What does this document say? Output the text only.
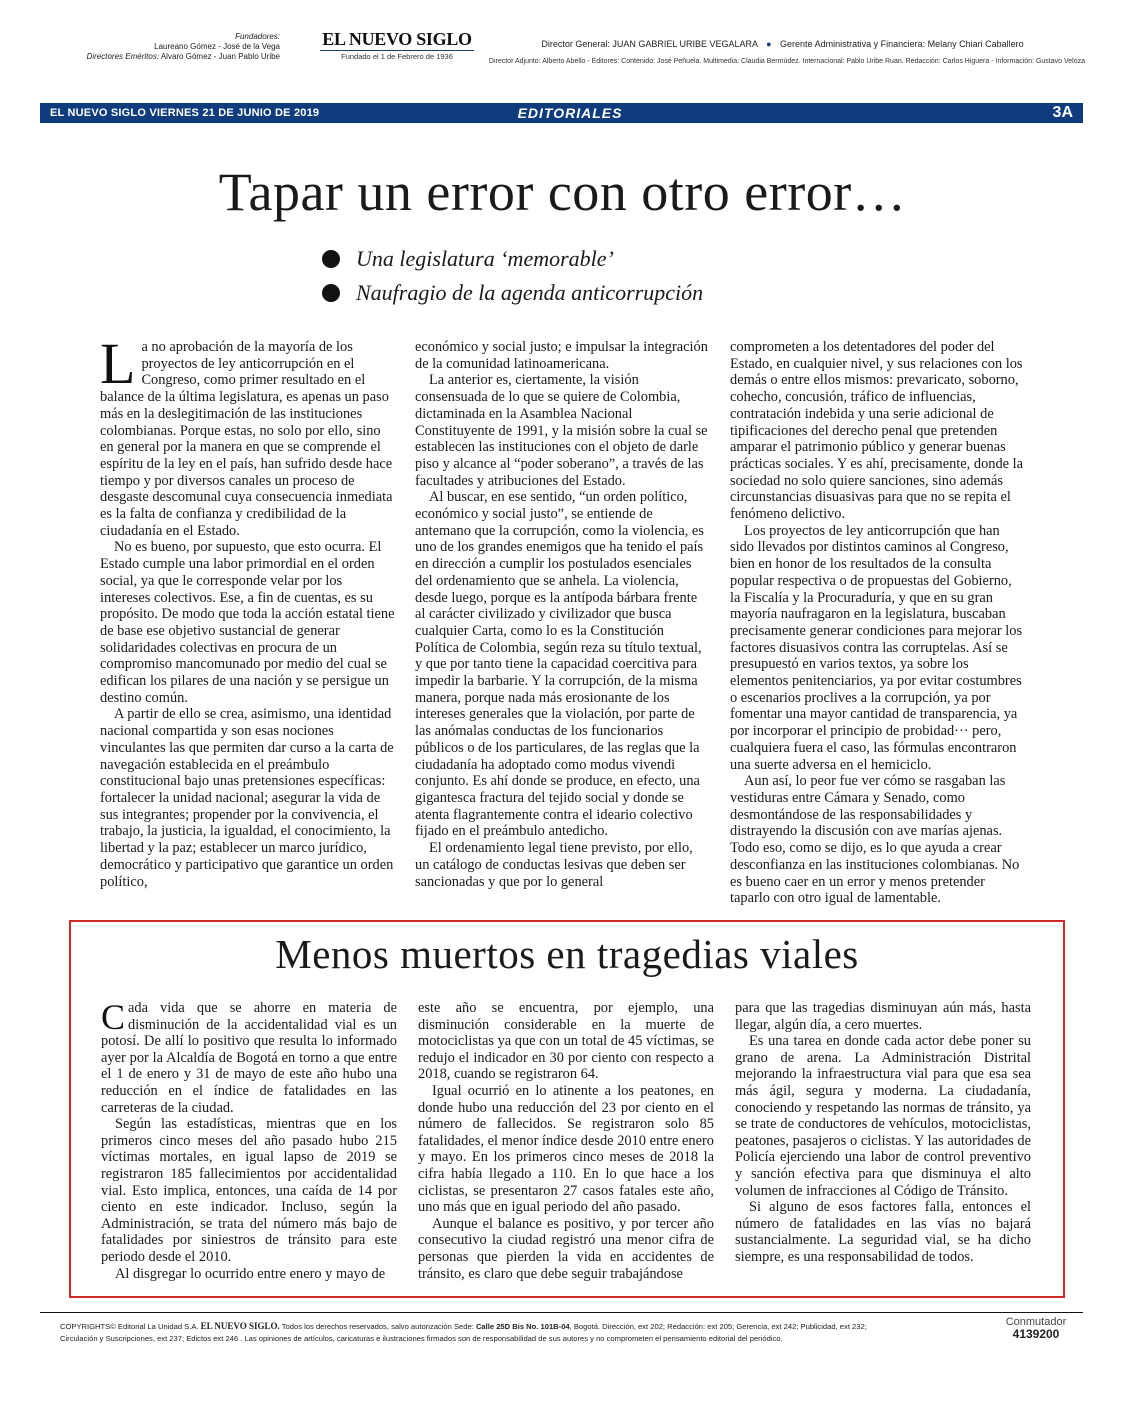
Fundadores:
Laureano Gómez - José de la Vega
Directores Eméritos: Alvaro Gómez - Juan Pablo Uribe
EL NUEVO SIGLO
Fundado el 1 de Febrero de 1936
Director General: JUAN GABRIEL URIBE VEGALARA ● Gerente Administrativa y Financiera: Melany Chiari Caballero
Director Adjunto: Alberto Abello - Editores: Contenido: José Peñuela. Multimedia: Claudia Bermúdez. Internacional: Pablo Uribe Ruan. Redacción: Carlos Higuera - Información: Gustavo Veloza
EL NUEVO SIGLO VIERNES 21 DE JUNIO DE 2019	EDITORIALES	3A
Tapar un error con otro error…
Una legislatura ‘memorable’
Naufragio de la agenda anticorrupción

La no aprobación de la mayoría de los proyectos de ley anticorrupción en el Congreso, como primer resultado en el balance de la última legislatura, es apenas un paso más en la deslegitimación de las instituciones colombianas. Porque estas, no solo por ello, sino en general por la manera en que se comprende el espíritu de la ley en el país, han sufrido desde hace tiempo y por diversos canales un proceso de desgaste descomunal cuya consecuencia inmediata es la falta de confianza y credibilidad de la ciudadanía en el Estado.

No es bueno, por supuesto, que esto ocurra. El Estado cumple una labor primordial en el orden social, ya que le corresponde velar por los intereses colectivos. Ese, a fin de cuentas, es su propósito. De modo que toda la acción estatal tiene de base ese objetivo sustancial de generar solidaridades colectivas en procura de un compromiso mancomunado por medio del cual se edifican los pilares de una nación y se persigue un destino común.

A partir de ello se crea, asimismo, una identidad nacional compartida y son esas nociones vinculantes las que permiten dar curso a la carta de navegación establecida en el preámbulo constitucional bajo unas pretensiones específicas: fortalecer la unidad nacional; asegurar la vida de sus integrantes; propender por la convivencia, el trabajo, la justicia, la igualdad, el conocimiento, la libertad y la paz; establecer un marco jurídico, democrático y participativo que garantice un orden político,

económico y social justo; e impulsar la integración de la comunidad latinoamericana.

La anterior es, ciertamente, la visión consensuada de lo que se quiere de Colombia, dictaminada en la Asamblea Nacional Constituyente de 1991, y la misión sobre la cual se establecen las instituciones con el objeto de darle piso y alcance al “poder soberano”, a través de las facultades y atribuciones del Estado.

Al buscar, en ese sentido, “un orden político, económico y social justo”, se entiende de antemano que la corrupción, como la violencia, es uno de los grandes enemigos que ha tenido el país en dirección a cumplir los postulados esenciales del ordenamiento que se anhela. La violencia, desde luego, porque es la antípoda bárbara frente al carácter civilizado y civilizador que busca cualquier Carta, como lo es la Constitución Política de Colombia, según reza su título textual, y que por tanto tiene la capacidad coercitiva para impedir la barbarie. Y la corrupción, de la misma manera, porque nada más erosionante de los intereses generales que la violación, por parte de las anómalas conductas de los funcionarios públicos o de los particulares, de las reglas que la ciudadanía ha adoptado como modus vivendi conjunto. Es ahí donde se produce, en efecto, una gigantesca fractura del tejido social y donde se atenta flagrantemente contra el ideario colectivo fijado en el preámbulo antedicho.

El ordenamiento legal tiene previsto, por ello, un catálogo de conductas lesivas que deben ser sancionadas y que por lo general

comprometen a los detentadores del poder del Estado, en cualquier nivel, y sus relaciones con los demás o entre ellos mismos: prevaricato, soborno, cohecho, concusión, tráfico de influencias, contratación indebida y una serie adicional de tipificaciones del derecho penal que pretenden amparar el patrimonio público y generar buenas prácticas sociales. Y es ahí, precisamente, donde la sociedad no solo quiere sanciones, sino además circunstancias disuasivas para que no se repita el fenómeno delictivo.

Los proyectos de ley anticorrupción que han sido llevados por distintos caminos al Congreso, bien en honor de los resultados de la consulta popular respectiva o de propuestas del Gobierno, la Fiscalía y la Procuraduría, y que en su gran mayoría naufragaron en la legislatura, buscaban precisamente generar condiciones para mejorar los factores disuasivos contra las corruptelas. Así se presupuestó en varios textos, ya sobre los elementos penitenciarios, ya por evitar costumbres o escenarios proclives a la corrupción, ya por fomentar una mayor cantidad de transparencia, ya por incorporar el principio de probidad··· pero, cualquiera fuera el caso, las fórmulas encontraron una suerte adversa en el hemiciclo.

Aun así, lo peor fue ver cómo se rasgaban las vestiduras entre Cámara y Senado, como desmontándose de las responsabilidades y distrayendo la discusión con ave marías ajenas. Todo eso, como se dijo, es lo que ayuda a crear desconfianza en las instituciones colombianas. No es bueno caer en un error y menos pretender taparlo con otro igual de lamentable.

Menos muertos en tragedias viales

Cada vida que se ahorre en materia de disminución de la accidentalidad vial es un potosí. De allí lo positivo que resulta lo informado ayer por la Alcaldía de Bogotá en torno a que entre el 1 de enero y 31 de mayo de este año hubo una reducción en el índice de fatalidades en las carreteras de la ciudad.

Según las estadísticas, mientras que en los primeros cinco meses del año pasado hubo 215 víctimas mortales, en igual lapso de 2019 se registraron 185 fallecimientos por accidentalidad vial. Esto implica, entonces, una caída de 14 por ciento en este indicador. Incluso, según la Administración, se trata del número más bajo de fatalidades por siniestros de tránsito para este periodo desde el 2010.

Al disgregar lo ocurrido entre enero y mayo de

este año se encuentra, por ejemplo, una disminución considerable en la muerte de motociclistas ya que con un total de 45 víctimas, se redujo el indicador en 30 por ciento con respecto a 2018, cuando se registraron 64.

Igual ocurrió en lo atinente a los peatones, en donde hubo una reducción del 23 por ciento en el número de fallecidos. Se registraron solo 85 fatalidades, el menor índice desde 2010 entre enero y mayo. En los primeros cinco meses de 2018 la cifra había llegado a 110. En lo que hace a los ciclistas, se presentaron 27 casos fatales este año, uno más que en igual periodo del año pasado.

Aunque el balance es positivo, y por tercer año consecutivo la ciudad registró una menor cifra de personas que pierden la vida en accidentes de tránsito, es claro que debe seguir trabajándose

para que las tragedias disminuyan aún más, hasta llegar, algún día, a cero muertes.

Es una tarea en donde cada actor debe poner su grano de arena. La Administración Distrital mejorando la infraestructura vial para que esa sea más ágil, segura y moderna. La ciudadanía, conociendo y respetando las normas de tránsito, ya se trate de conductores de vehículos, motociclistas, peatones, pasajeros o ciclistas. Y las autoridades de Policía ejerciendo una labor de control preventivo y sanción efectiva para que disminuya el alto volumen de infracciones al Código de Tránsito.

Si alguno de esos factores falla, entonces el número de fatalidades en las vías no bajará sustancialmente. La seguridad vial, se ha dicho siempre, es una responsabilidad de todos.

COPYRIGHTS© Editorial La Unidad S.A. EL NUEVO SIGLO. Todos los derechos reservados, salvo autorización Sede: Calle 25D Bis No. 101B-04, Bogotá. Dirección, ext 202; Redacción: ext 205; Gerencia, ext 242; Publicidad, ext 232;
Circulación y Suscripciones, ext 237; Edictos ext 246 . Las opiniones de artículos, caricaturas e ilustraciones firmados son de responsabilidad de sus autores y no comprometen el pensamiento editorial del periódico.
Conmutador
4139200
